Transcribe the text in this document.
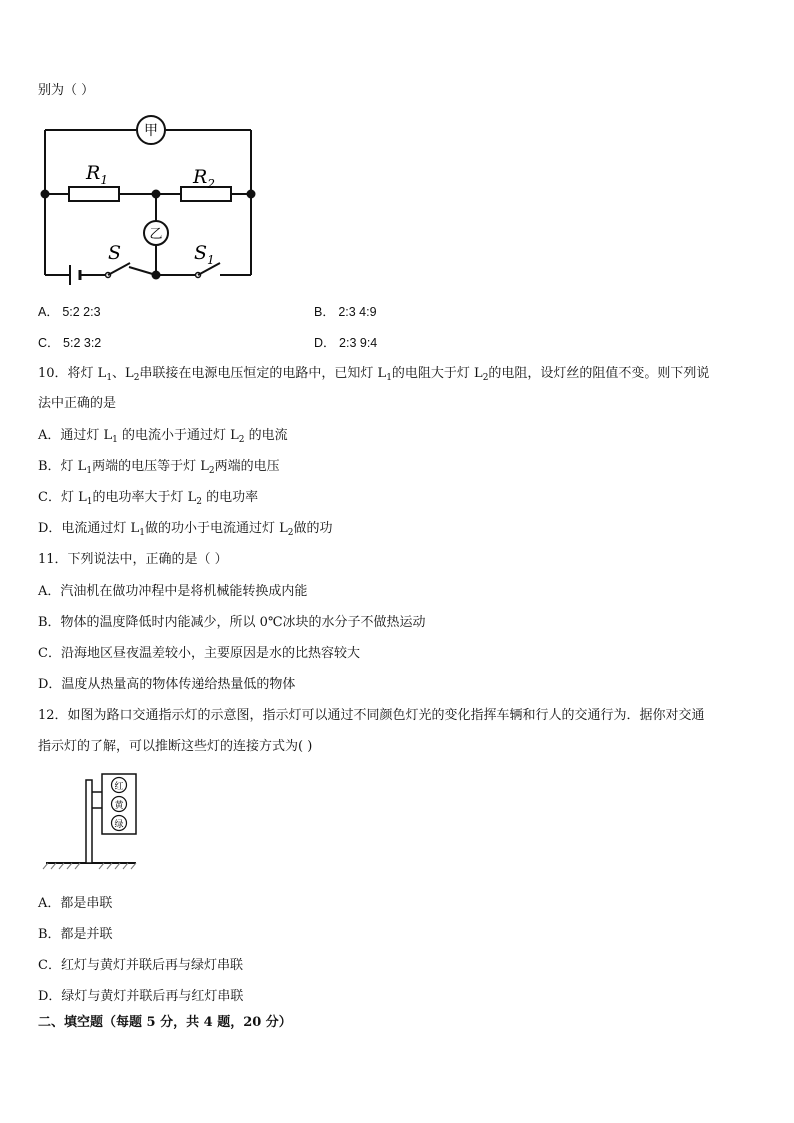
别为（ ）
甲
$R_1$	$R_2$
乙
S	$S_1$
A． 5:2 2:3	B． 2:3 4:9
C． 5:2 3:2	D． 2:3 9:4
10．将灯 $L_1$、$L_2$串联接在电源电压恒定的电路中，已知灯 $L_1$的电阻大于灯 $L_2$的电阻，设灯丝的阻值不变。则下列说
法中正确的是
A．通过灯 $L_1$ 的电流小于通过灯 $L_2$ 的电流
B．灯 $L_1$两端的电压等于灯 $L_2$两端的电压
C．灯 $L_1$的电功率大于灯 $L_2$ 的电功率
D．电流通过灯 $L_1$做的功小于电流通过灯 $L_2$做的功
11．下列说法中，正确的是（ ）
A．汽油机在做功冲程中是将机械能转换成内能
B．物体的温度降低时内能减少，所以 0℃冰块的水分子不做热运动
C．沿海地区昼夜温差较小，主要原因是水的比热容较大
D．温度从热量高的物体传递给热量低的物体
12．如图为路口交通指示灯的示意图，指示灯可以通过不同颜色灯光的变化指挥车辆和行人的交通行为．据你对交通
指示灯的了解，可以推断这些灯的连接方式为( )
红
黄
绿
A．都是串联
B．都是并联
C．红灯与黄灯并联后再与绿灯串联
D．绿灯与黄灯并联后再与红灯串联
二、填空题（每题 5 分，共 4 题，20 分）
